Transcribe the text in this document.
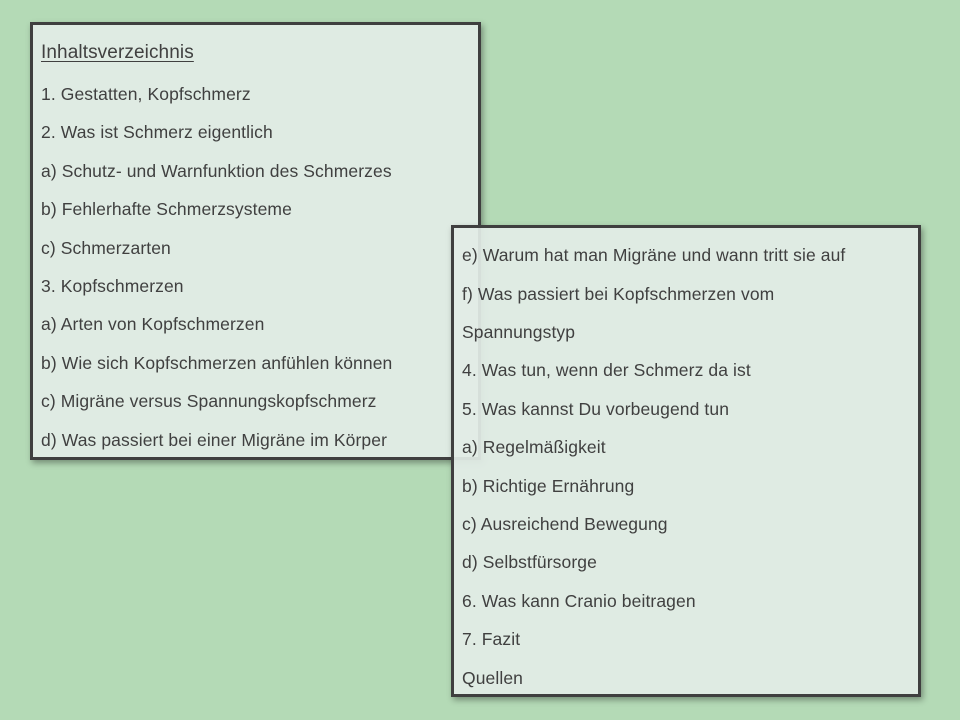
Inhaltsverzeichnis
1. Gestatten, Kopfschmerz
2. Was ist Schmerz eigentlich
a) Schutz- und Warnfunktion des Schmerzes
b) Fehlerhafte Schmerzsysteme
c) Schmerzarten
3. Kopfschmerzen
a) Arten von Kopfschmerzen
b) Wie sich Kopfschmerzen anfühlen können
c) Migräne versus Spannungskopfschmerz
d) Was passiert bei einer Migräne im Körper
e) Warum hat man Migräne und wann tritt sie auf
f) Was passiert bei Kopfschmerzen vom
Spannungstyp
4. Was tun, wenn der Schmerz da ist
5. Was kannst Du vorbeugend tun
a) Regelmäßigkeit
b) Richtige Ernährung
c) Ausreichend Bewegung
d) Selbstfürsorge
6. Was kann Cranio beitragen
7. Fazit
Quellen
